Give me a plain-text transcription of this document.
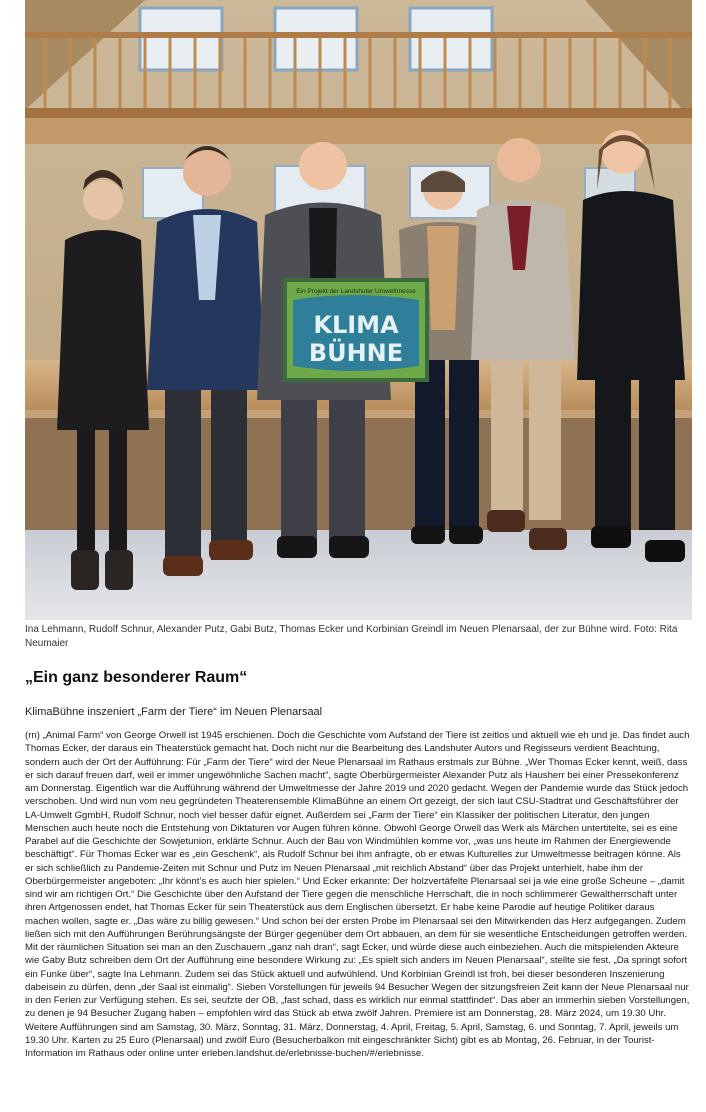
Ein Projekt der Landshuter Umweltmesse
KLIMA
BÜHNE
Ina Lehmann, Rudolf Schnur, Alexander Putz, Gabi Butz, Thomas Ecker und Korbinian Greindl im Neuen Plenarsaal, der zur Bühne wird. Foto: Rita Neumaier
„Ein ganz besonderer Raum“

KlimaBühne inszeniert „Farm der Tiere“ im Neuen Plenarsaal

(rn) „Animal Farm“ von George Orwell ist 1945 erschienen. Doch die Geschichte vom Aufstand der Tiere ist zeitlos und aktuell wie eh und je. Das findet auch Thomas Ecker, der daraus ein Theaterstück gemacht hat. Doch nicht nur die Bearbeitung des Landshuter Autors und Regisseurs verdient Beachtung, sondern auch der Ort der Aufführung: Für „Farm der Tiere“ wird der Neue Plenarsaal im Rathaus erstmals zur Bühne. „Wer Thomas Ecker kennt, weiß, dass er sich darauf freuen darf, weil er immer ungewöhnliche Sachen macht“, sagte Oberbürgermeister Alexander Putz als Hausherr bei einer Pressekonferenz am Donnerstag. Eigentlich war die Aufführung während der Umweltmesse der Jahre 2019 und 2020 gedacht. Wegen der Pandemie wurde das Stück jedoch verschoben. Und wird nun vom neu gegründeten Theaterensemble KlimaBühne an einem Ort gezeigt, der sich laut CSU-Stadtrat und Geschäftsführer der LA-Umwelt GgmbH, Rudolf Schnur, noch viel besser dafür eignet. Außerdem sei „Farm der Tiere“ ein Klassiker der politischen Literatur, den jungen Menschen auch heute noch die Entstehung von Diktaturen vor Augen führen könne. Obwohl George Orwell das Werk als Märchen untertitelte, sei es eine Parabel auf die Geschichte der Sowjetunion, erklärte Schnur. Auch der Bau von Windmühlen komme vor, „was uns heute im Rahmen der Energiewende beschäftigt“. Für Thomas Ecker war es „ein Geschenk“, als Rudolf Schnur bei ihm anfragte, ob er etwas Kulturelles zur Umweltmesse beitragen könne. Als er sich schließlich zu Pandemie-Zeiten mit Schnur und Putz im Neuen Plenarsaal „mit reichlich Abstand“ über das Projekt unterhielt, habe ihm der Oberbürgermeister angeboten: „Ihr könnt’s es auch hier spielen.“ Und Ecker erkannte: Der holzvertäfelte Plenarsaal sei ja wie eine große Scheune – „damit sind wir am richtigen Ort.“ Die Geschichte über den Aufstand der Tiere gegen die menschliche Herrschaft, die in noch schlimmerer Gewaltherrschaft unter ihren Artgenossen endet, hat Thomas Ecker für sein Theaterstück aus dem Englischen übersetzt. Er habe keine Parodie auf heutige Politiker daraus machen wollen, sagte er. „Das wäre zu billig gewesen.“ Und schon bei der ersten Probe im Plenarsaal sei den Mitwirkenden das Herz aufgegangen. Zudem ließen sich mit den Aufführungen Berührungsängste der Bürger gegenüber dem Ort abbauen, an dem für sie wesentliche Entscheidungen getroffen werden. Mit der räumlichen Situation sei man an den Zuschauern „ganz nah dran“, sagt Ecker, und würde diese auch einbeziehen. Auch die mitspielenden Akteure wie Gaby Butz schreiben dem Ort der Aufführung eine besondere Wirkung zu: „Es spielt sich anders im Neuen Plenarsaal“, stellte sie fest. „Da springt sofort ein Funke über“, sagte Ina Lehmann. Zudem sei das Stück aktuell und aufwühlend. Und Korbinian Greindl ist froh, bei dieser besonderen Inszenierung dabeisein zu dürfen, denn „der Saal ist einmalig“. Sieben Vorstellungen für jeweils 94 Besucher Wegen der sitzungsfreien Zeit kann der Neue Plenarsaal nur in den Ferien zur Verfügung stehen. Es sei, seufzte der OB, „fast schad, dass es wirklich nur einmal stattfindet“. Das aber an immerhin sieben Vorstellungen, zu denen je 94 Besucher Zugang haben – empfohlen wird das Stück ab etwa zwölf Jahren. Premiere ist am Donnerstag, 28. März 2024, um 19.30 Uhr. Weitere Aufführungen sind am Samstag, 30. März, Sonntag, 31. März, Donnerstag, 4. April, Freitag, 5. April, Samstag, 6. und Sonntag, 7. April, jeweils um 19.30 Uhr. Karten zu 25 Euro (Plenarsaal) und zwölf Euro (Besucherbalkon mit eingeschränkter Sicht) gibt es ab Montag, 26. Februar, in der Tourist-Information im Rathaus oder online unter erleben.landshut.de/erlebnisse-buchen/#/erlebnisse.
